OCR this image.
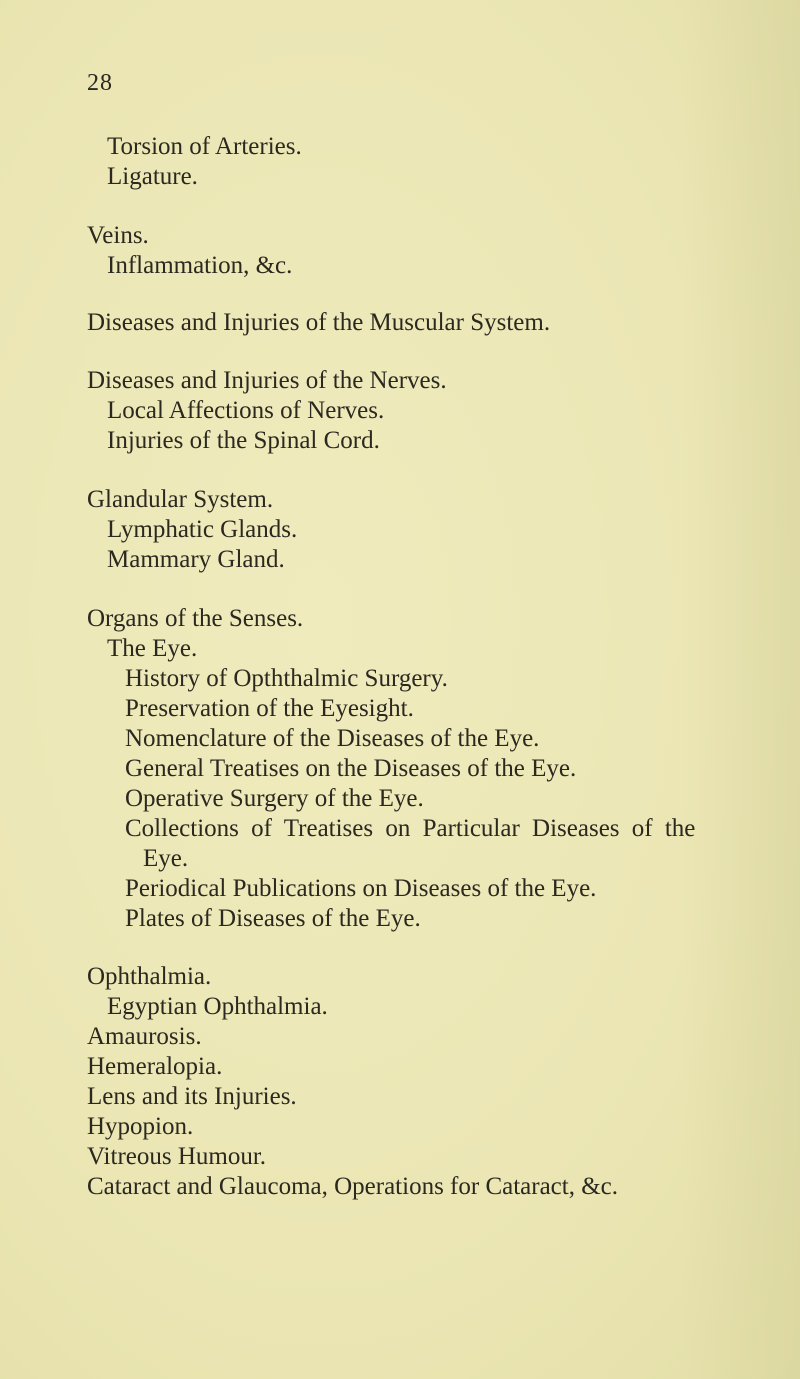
28
Torsion of Arteries.
Ligature.
Veins.
Inflammation, &c.
Diseases and Injuries of the Muscular System.
Diseases and Injuries of the Nerves.
Local Affections of Nerves.
Injuries of the Spinal Cord.
Glandular System.
Lymphatic Glands.
Mammary Gland.
Organs of the Senses.
The Eye.
History of Opththalmic Surgery.
Preservation of the Eyesight.
Nomenclature of the Diseases of the Eye.
General Treatises on the Diseases of the Eye.
Operative Surgery of the Eye.
Collections of Treatises on Particular Diseases of the
Eye.
Periodical Publications on Diseases of the Eye.
Plates of Diseases of the Eye.
Ophthalmia.
Egyptian Ophthalmia.
Amaurosis.
Hemeralopia.
Lens and its Injuries.
Hypopion.
Vitreous Humour.
Cataract and Glaucoma, Operations for Cataract, &c.
